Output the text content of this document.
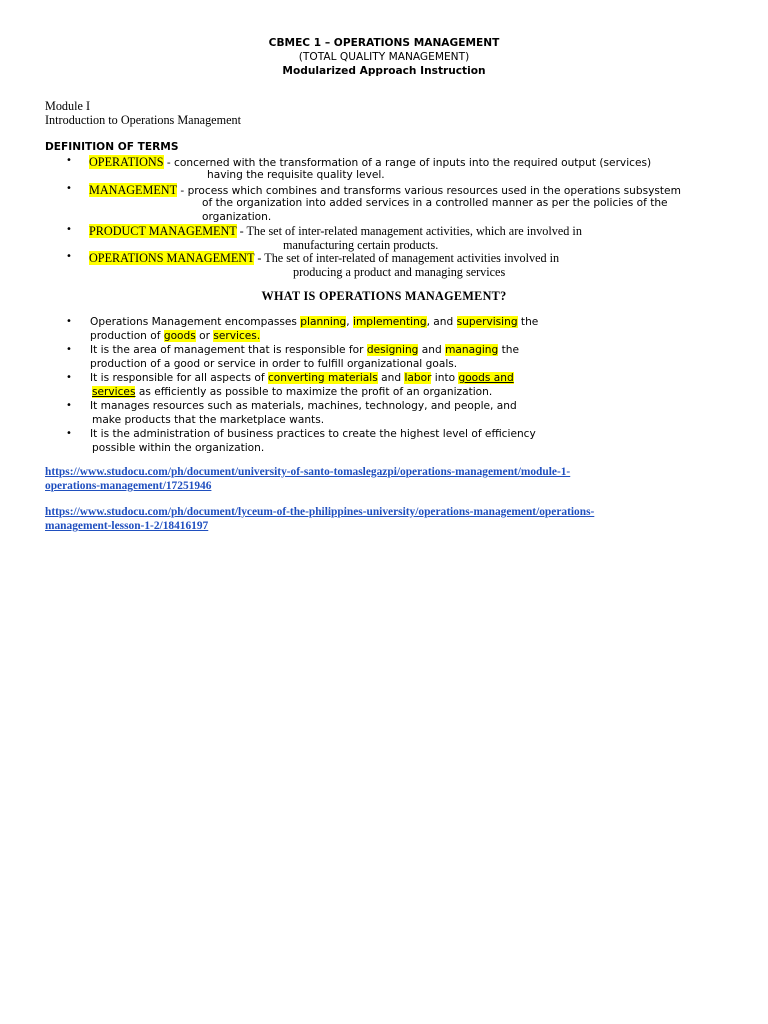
CBMEC 1 – OPERATIONS MANAGEMENT
(TOTAL QUALITY MANAGEMENT)
Modularized Approach Instruction
Module I
Introduction to Operations Management
DEFINITION OF TERMS
• OPERATIONS - concerned with the transformation of a range of inputs into the required output (services)
having the requisite quality level.
• MANAGEMENT - process which combines and transforms various resources used in the operations subsystem
of the organization into added services in a controlled manner as per the policies of the
organization.
• PRODUCT MANAGEMENT - The set of inter-related management activities, which are involved in
manufacturing certain products.
• OPERATIONS MANAGEMENT - The set of inter-related of management activities involved in
producing a product and managing services
WHAT IS OPERATIONS MANAGEMENT?
• Operations Management encompasses planning, implementing, and supervising the
production of goods or services.
• It is the area of management that is responsible for designing and managing the
production of a good or service in order to fulfill organizational goals.
• It is responsible for all aspects of converting materials and labor into goods and
services as efficiently as possible to maximize the profit of an organization.
• It manages resources such as materials, machines, technology, and people, and
make products that the marketplace wants.
• It is the administration of business practices to create the highest level of efficiency
possible within the organization.
https://www.studocu.com/ph/document/university-of-santo-tomaslegazpi/operations-management/module-1-
operations-management/17251946
https://www.studocu.com/ph/document/lyceum-of-the-philippines-university/operations-management/operations-
management-lesson-1-2/18416197
